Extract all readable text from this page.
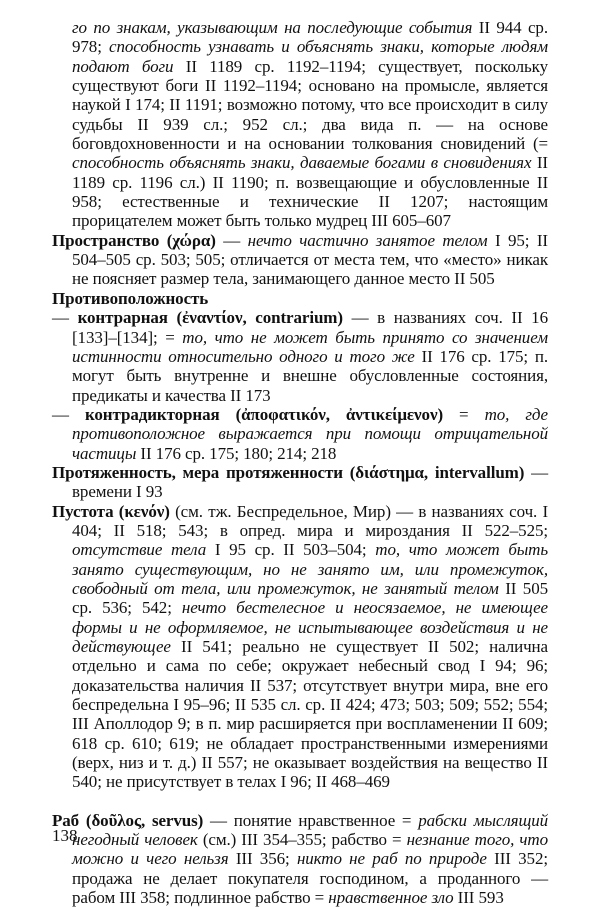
го по знакам, указывающим на последующие события II 944 ср. 978; способность узнавать и объяснять знаки, которые людям подают боги II 1189 ср. 1192–1194; существует, поскольку существуют боги II 1192–1194; основано на промысле, является наукой I 174; II 1191; возможно потому, что все происходит в силу судьбы II 939 сл.; 952 сл.; два вида п. — на основе боговдохновенности и на основании толкования сновидений (= способность объяснять знаки, даваемые богами в сновидениях II 1189 ср. 1196 сл.) II 1190; п. возвещающие и обусловленные II 958; естественные и технические II 1207; настоящим прорицателем может быть только мудрец III 605–607

Пространство (χώρα) — нечто частично занятое телом I 95; II 504–505 ср. 503; 505; отличается от места тем, что «место» никак не поясняет размер тела, занимающего данное место II 505

Противоположность

— контрарная (ἐναντίον, contrarium) — в названиях соч. II 16 [133]–[134]; = то, что не может быть принято со значением истинности относительно одного и того же II 176 ср. 175; п. могут быть внутренне и внешне обусловленные состояния, предикаты и качества II 173

— контрадикторная (ἀποφατικόν, ἀντικείμενον) = то, где противоположное выражается при помощи отрицательной частицы II 176 ср. 175; 180; 214; 218

Протяженность, мера протяженности (διάστημα, intervallum) — времени I 93

Пустота (κενόν) (см. тж. Беспредельное, Мир) — в названиях соч. I 404; II 518; 543; в опред. мира и мироздания II 522–525; отсутствие тела I 95 ср. II 503–504; то, что может быть занято существующим, но не занято им, или промежуток, свободный от тела, или промежуток, не занятый телом II 505 ср. 536; 542; нечто бестелесное и неосязаемое, не имеющее формы и не оформляемое, не испытывающее воздействия и не действующее II 541; реально не существует II 502; налична отдельно и сама по себе; окружает небесный свод I 94; 96; доказательства наличия II 537; отсутствует внутри мира, вне его беспредельна I 95–96; II 535 сл. ср. II 424; 473; 503; 509; 552; 554; III Аполлодор 9; в п. мир расширяется при воспламенении II 609; 618 ср. 610; 619; не обладает пространственными измерениями (верх, низ и т. д.) II 557; не оказывает воздействия на вещество II 540; не присутствует в телах I 96; II 468–469

Раб (δοῦλος, servus) — понятие нравственное = рабски мыслящий негодный человек (см.) III 354–355; рабство = незнание того, что можно и чего нельзя III 356; никто не раб по природе III 352; продажа не делает покупателя господином, а проданного — рабом III 358; подлинное рабство = нравственное зло III 593

138
